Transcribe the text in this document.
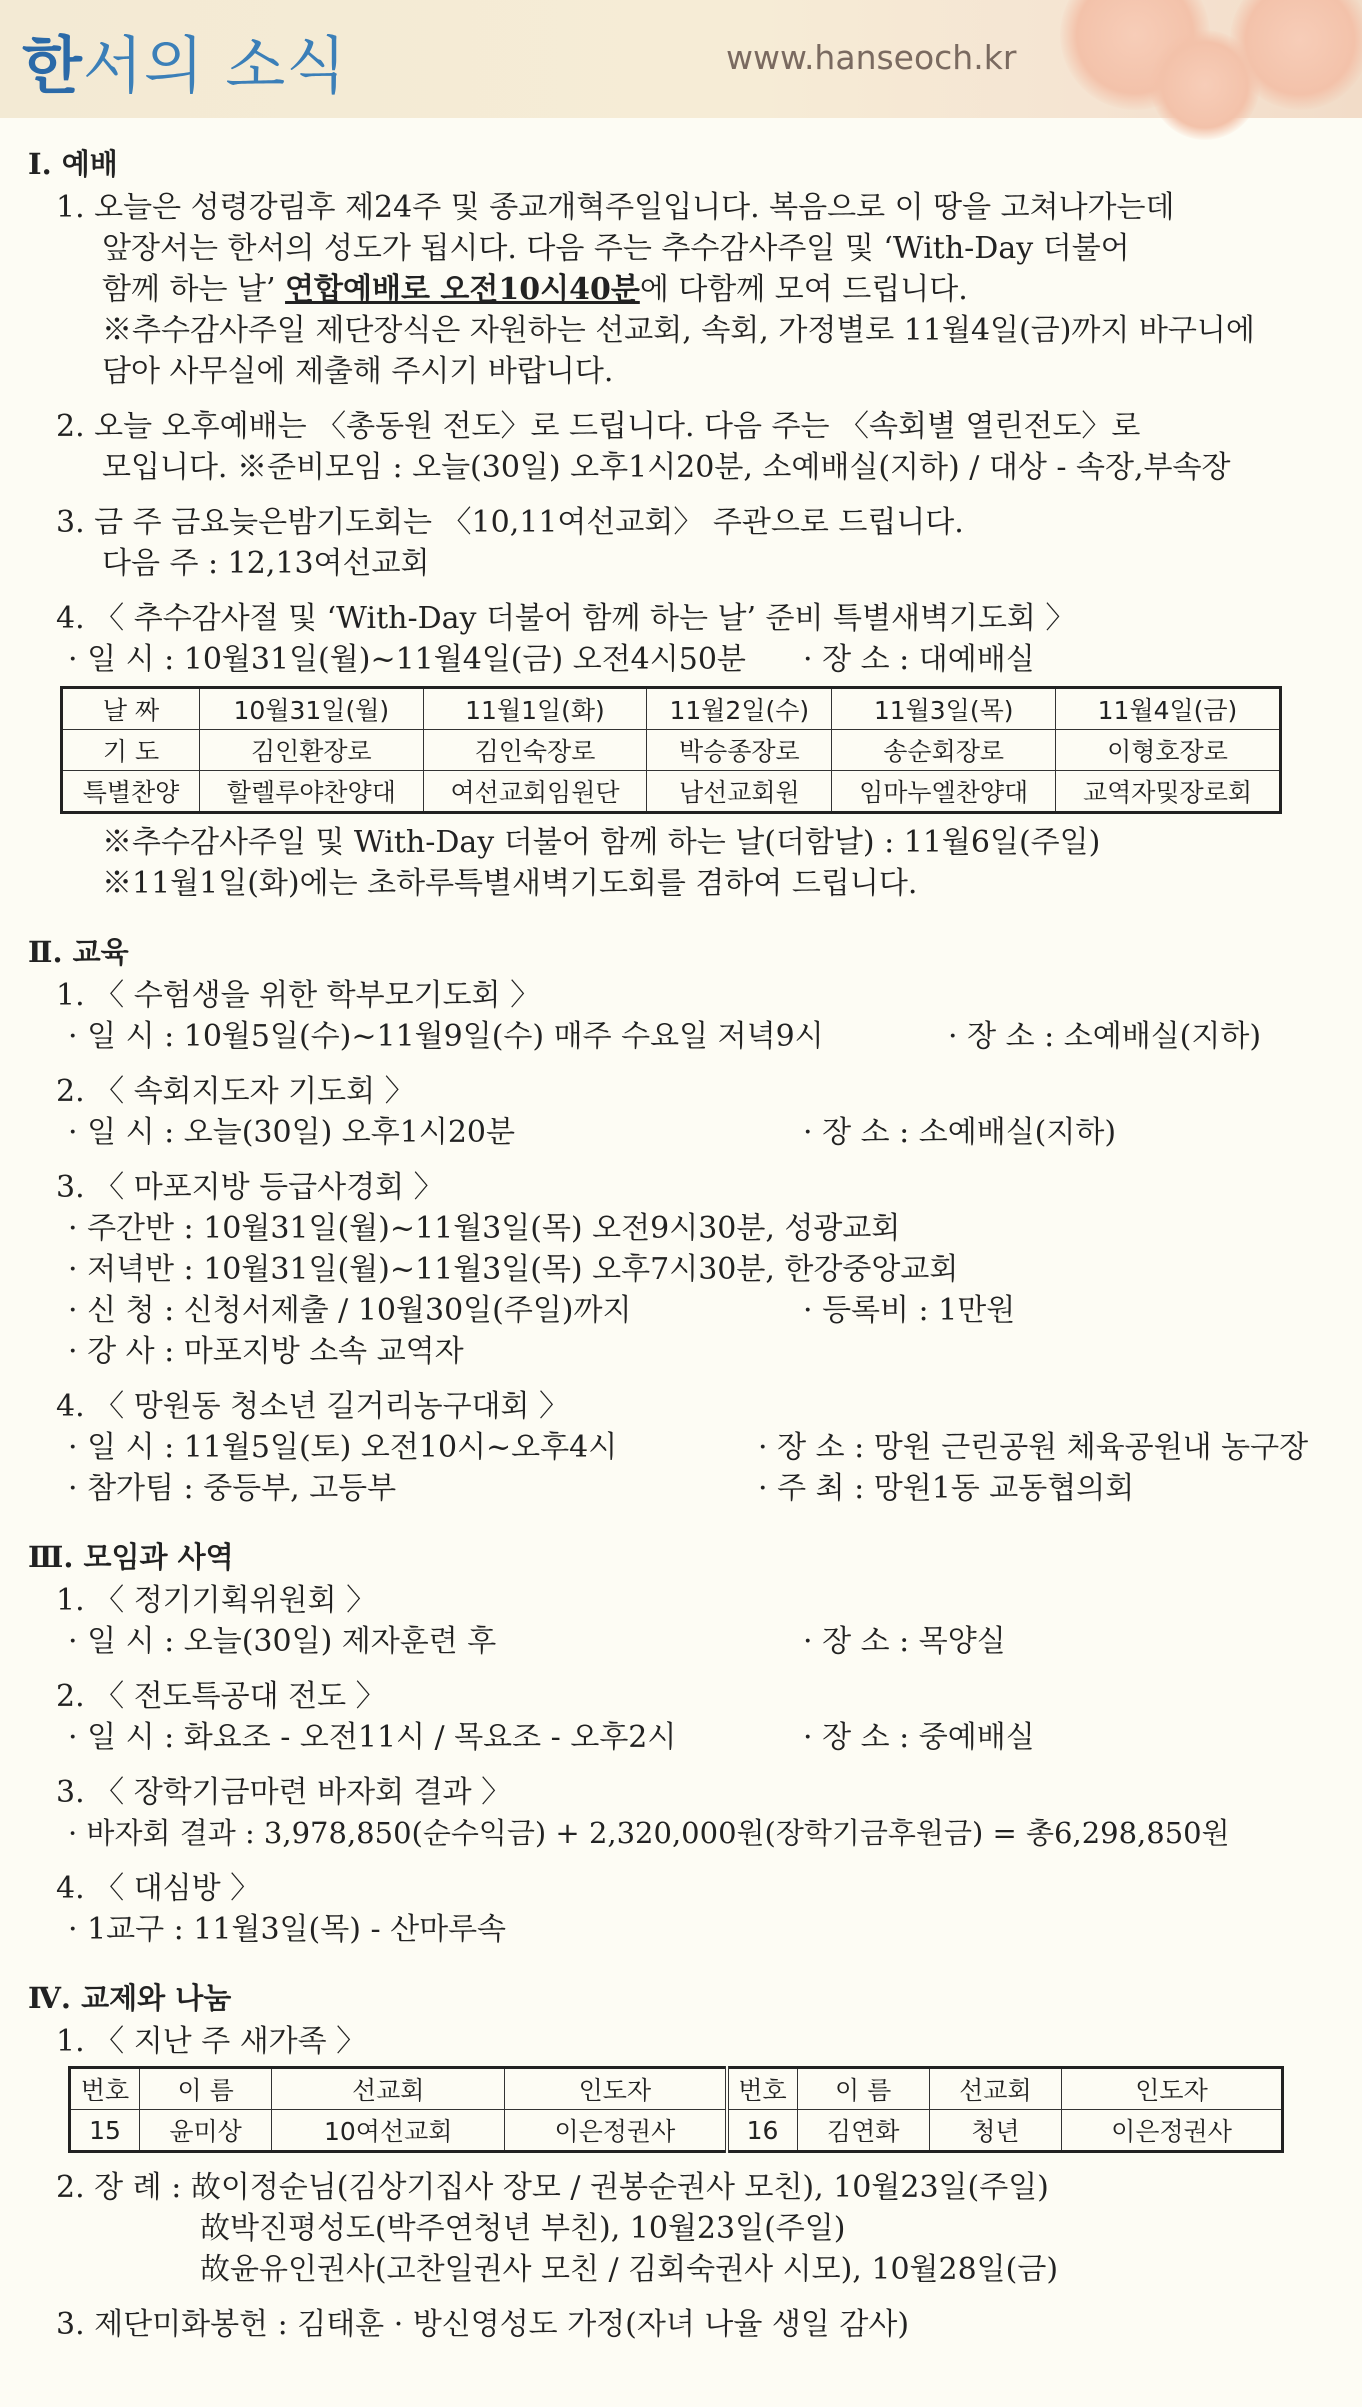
한서의 소식	www.hanseoch.kr
Ⅰ. 예배

1. 오늘은 성령강림후 제24주 및 종교개혁주일입니다. 복음으로 이 땅을 고쳐나가는데

앞장서는 한서의 성도가 됩시다. 다음 주는 추수감사주일 및 ‘With-Day 더불어

함께 하는 날’ 연합예배로 오전10시40분에 다함께 모여 드립니다.

※추수감사주일 제단장식은 자원하는 선교회, 속회, 가정별로 11월4일(금)까지 바구니에

담아 사무실에 제출해 주시기 바랍니다.

2. 오늘 오후예배는 〈총동원 전도〉로 드립니다. 다음 주는 〈속회별 열린전도〉로

모입니다. ※준비모임 : 오늘(30일) 오후1시20분, 소예배실(지하) / 대상 - 속장,부속장

3. 금 주 금요늦은밤기도회는 〈10,11여선교회〉 주관으로 드립니다.

다음 주 : 12,13여선교회

4. 〈 추수감사절 및 ‘With-Day 더불어 함께 하는 날’ 준비 특별새벽기도회 〉

· 일 시 : 10월31일(월)~11월4일(금) 오전4시50분	· 장 소 : 대예배실

날 짜	10월31일(월)	11월1일(화)	11월2일(수)	11월3일(목)	11월4일(금)
기 도	김인환장로	김인숙장로	박승종장로	송순회장로	이형호장로
특별찬양	할렐루야찬양대	여선교회임원단	남선교회원	임마누엘찬양대	교역자및장로회

※추수감사주일 및 With-Day 더불어 함께 하는 날(더함날) : 11월6일(주일)

※11월1일(화)에는 초하루특별새벽기도회를 겸하여 드립니다.

Ⅱ. 교육

1. 〈 수험생을 위한 학부모기도회 〉

· 일 시 : 10월5일(수)~11월9일(수) 매주 수요일 저녁9시	· 장 소 : 소예배실(지하)

2. 〈 속회지도자 기도회 〉

· 일 시 : 오늘(30일) 오후1시20분	· 장 소 : 소예배실(지하)

3. 〈 마포지방 등급사경회 〉

· 주간반 : 10월31일(월)~11월3일(목) 오전9시30분, 성광교회

· 저녁반 : 10월31일(월)~11월3일(목) 오후7시30분, 한강중앙교회

· 신 청 : 신청서제출 / 10월30일(주일)까지	· 등록비 : 1만원

· 강 사 : 마포지방 소속 교역자

4. 〈 망원동 청소년 길거리농구대회 〉

· 일 시 : 11월5일(토) 오전10시~오후4시	· 장 소 : 망원 근린공원 체육공원내 농구장

· 참가팀 : 중등부, 고등부	· 주 최 : 망원1동 교동협의회

Ⅲ. 모임과 사역

1. 〈 정기기획위원회 〉

· 일 시 : 오늘(30일) 제자훈련 후	· 장 소 : 목양실

2. 〈 전도특공대 전도 〉

· 일 시 : 화요조 - 오전11시 / 목요조 - 오후2시	· 장 소 : 중예배실

3. 〈 장학기금마련 바자회 결과 〉

· 바자회 결과 : 3,978,850(순수익금) + 2,320,000원(장학기금후원금) = 총6,298,850원

4. 〈 대심방 〉

· 1교구 : 11월3일(목) - 산마루속

Ⅳ. 교제와 나눔

1. 〈 지난 주 새가족 〉

번호	이 름	선교회	인도자	번호	이 름	선교회	인도자
15	윤미상	10여선교회	이은정권사	16	김연화	청년	이은정권사

2. 장 례 : 故이정순님(김상기집사 장모 / 권봉순권사 모친), 10월23일(주일)

故박진평성도(박주연청년 부친), 10월23일(주일)

故윤유인권사(고찬일권사 모친 / 김회숙권사 시모), 10월28일(금)

3. 제단미화봉헌 : 김태훈 · 방신영성도 가정(자녀 나율 생일 감사)
